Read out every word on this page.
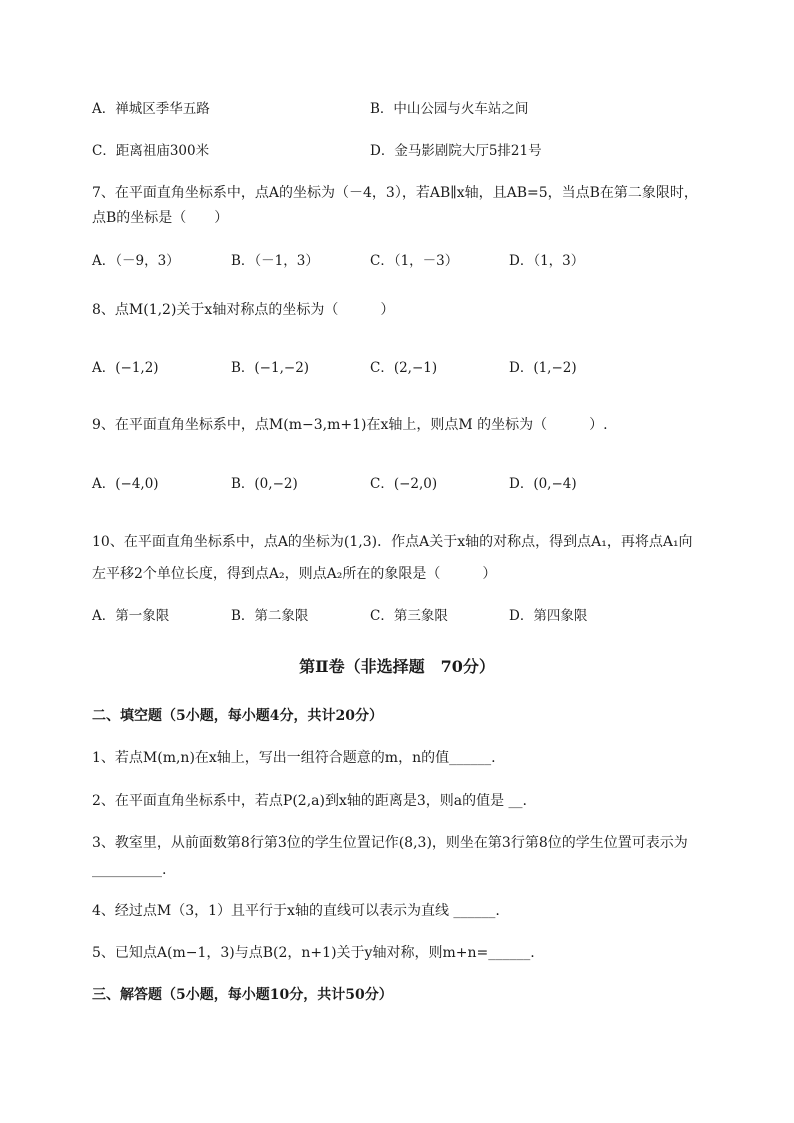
A．禅城区季华五路	B．中山公园与火车站之间
C．距离祖庙300米	D．金马影剧院大厅5排21号
7、在平面直角坐标系中，点A的坐标为（－4，3），若AB∥x轴，且AB=5，当点B在第二象限时，
点B的坐标是（　　）
A．（－9，3）	B．（－1，3）	C．（1，－3）	D．（1，3）
8、点M(1,2)关于x轴对称点的坐标为（　　　）
A．(−1,2)	B．(−1,−2)	C．(2,−1)	D．(1,−2)
9、在平面直角坐标系中，点M(m−3,m+1)在x轴上，则点M 的坐标为（　　　）.
A．(−4,0)	B．(0,−2)	C．(−2,0)	D．(0,−4)
10、在平面直角坐标系中，点A的坐标为(1,3)．作点A关于x轴的对称点，得到点A₁，再将点A₁向
左平移2个单位长度，得到点A₂，则点A₂所在的象限是（　　　）
A．第一象限	B．第二象限	C．第三象限	D．第四象限
第Ⅱ卷（非选择题　70分）
二、填空题（5小题，每小题4分，共计20分）
1、若点M(m,n)在x轴上，写出一组符合题意的m，n的值______.
2、在平面直角坐标系中，若点P(2,a)到x轴的距离是3，则a的值是 __.
3、教室里，从前面数第8行第3位的学生位置记作(8,3)，则坐在第3行第8位的学生位置可表示为
__________.
4、经过点M（3，1）且平行于x轴的直线可以表示为直线 ______.
5、已知点A(m−1，3)与点B(2，n+1)关于y轴对称，则m+n=______.
三、解答题（5小题，每小题10分，共计50分）
